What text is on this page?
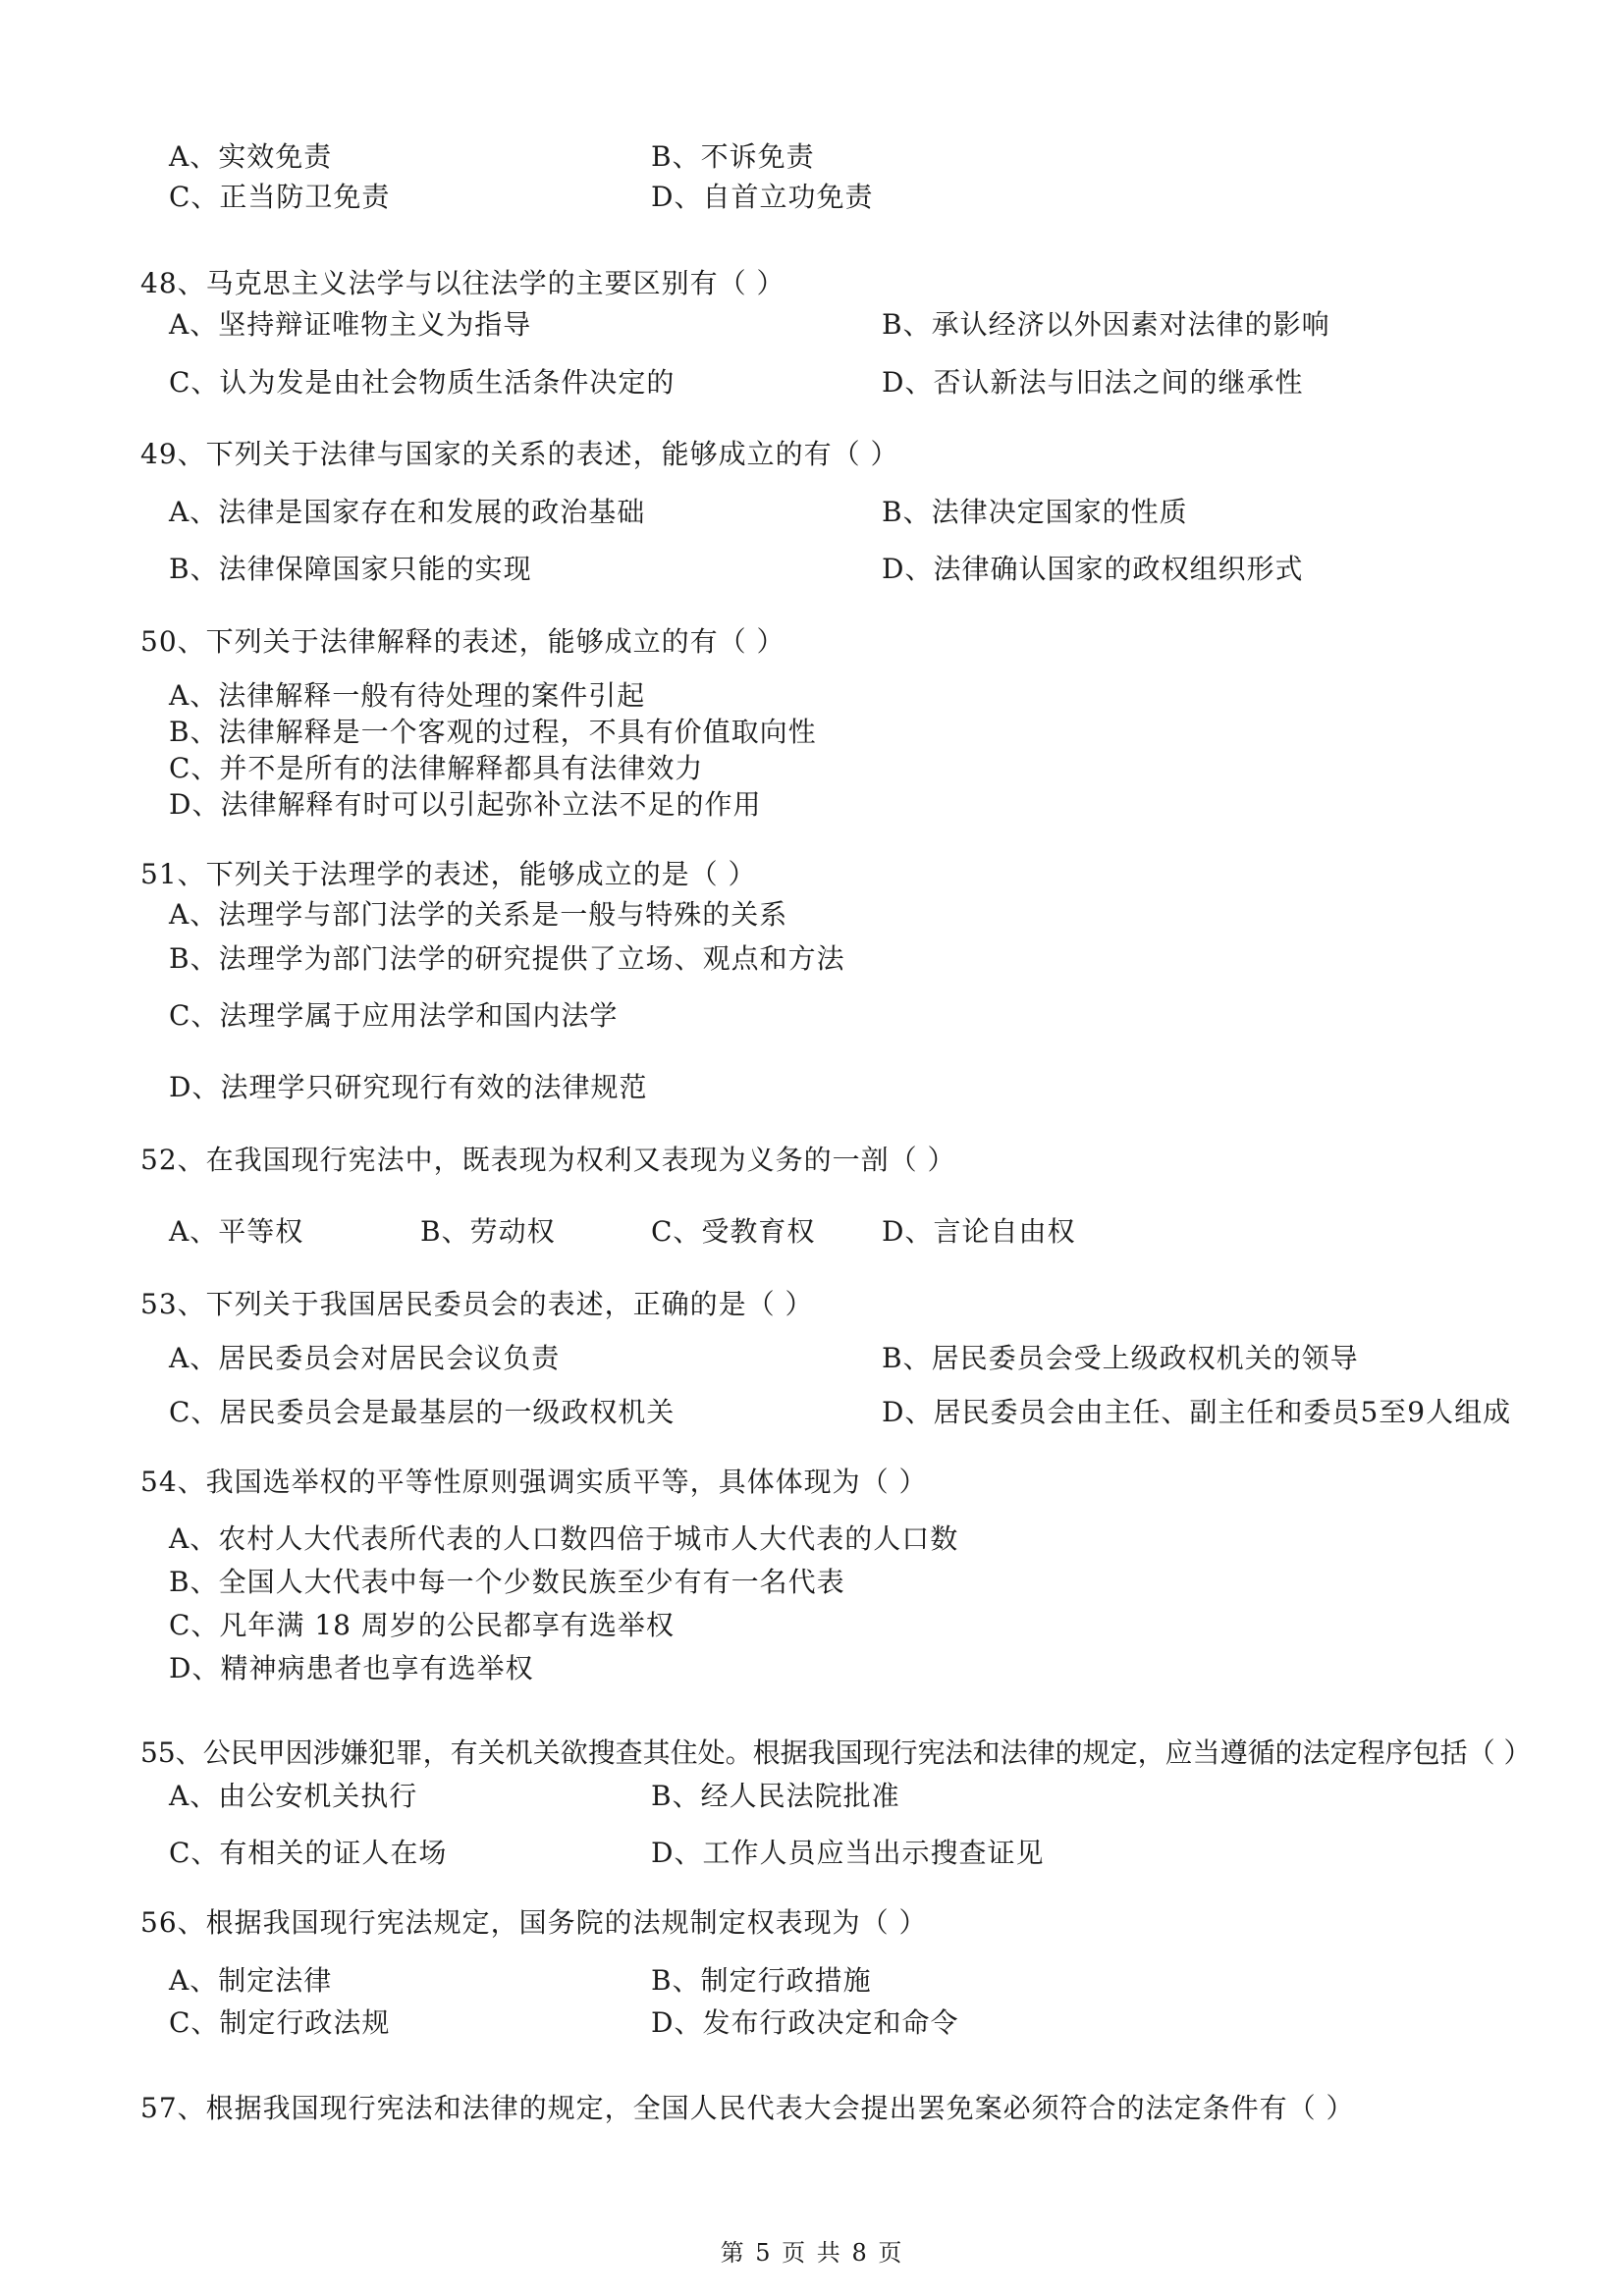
A、实效免责	B、不诉免责
C、正当防卫免责	D、自首立功免责
48、马克思主义法学与以往法学的主要区别有（ ）
A、坚持辩证唯物主义为指导	B、承认经济以外因素对法律的影响
C、认为发是由社会物质生活条件决定的	D、否认新法与旧法之间的继承性
49、下列关于法律与国家的关系的表述，能够成立的有（ ）
A、法律是国家存在和发展的政治基础	B、法律决定国家的性质
B、法律保障国家只能的实现	D、法律确认国家的政权组织形式
50、下列关于法律解释的表述，能够成立的有（ ）
A、法律解释一般有待处理的案件引起
B、法律解释是一个客观的过程，不具有价值取向性
C、并不是所有的法律解释都具有法律效力
D、法律解释有时可以引起弥补立法不足的作用
51、下列关于法理学的表述，能够成立的是（ ）
A、法理学与部门法学的关系是一般与特殊的关系
B、法理学为部门法学的研究提供了立场、观点和方法
C、法理学属于应用法学和国内法学
D、法理学只研究现行有效的法律规范
52、在我国现行宪法中，既表现为权利又表现为义务的一剖（ ）
A、平等权	B、劳动权	C、受教育权 D、言论自由权
53、下列关于我国居民委员会的表述，正确的是（ ）
A、居民委员会对居民会议负责	B、居民委员会受上级政权机关的领导
C、居民委员会是最基层的一级政权机关	D、居民委员会由主任、副主任和委员5至9人组成
54、我国选举权的平等性原则强调实质平等，具体体现为（ ）
A、农村人大代表所代表的人口数四倍于城市人大代表的人口数
B、全国人大代表中每一个少数民族至少有有一名代表
C、凡年满 18 周岁的公民都享有选举权
D、精神病患者也享有选举权
55、公民甲因涉嫌犯罪，有关机关欲搜查其住处。根据我国现行宪法和法律的规定，应当遵循的法定程序包括（ ）
A、由公安机关执行	B、经人民法院批准
C、有相关的证人在场	D、工作人员应当出示搜查证见
56、根据我国现行宪法规定，国务院的法规制定权表现为（ ）
A、制定法律	B、制定行政措施
C、制定行政法规	D、发布行政决定和命令
57、根据我国现行宪法和法律的规定，全国人民代表大会提出罢免案必须符合的法定条件有（ ）
第 5 页 共 8 页
